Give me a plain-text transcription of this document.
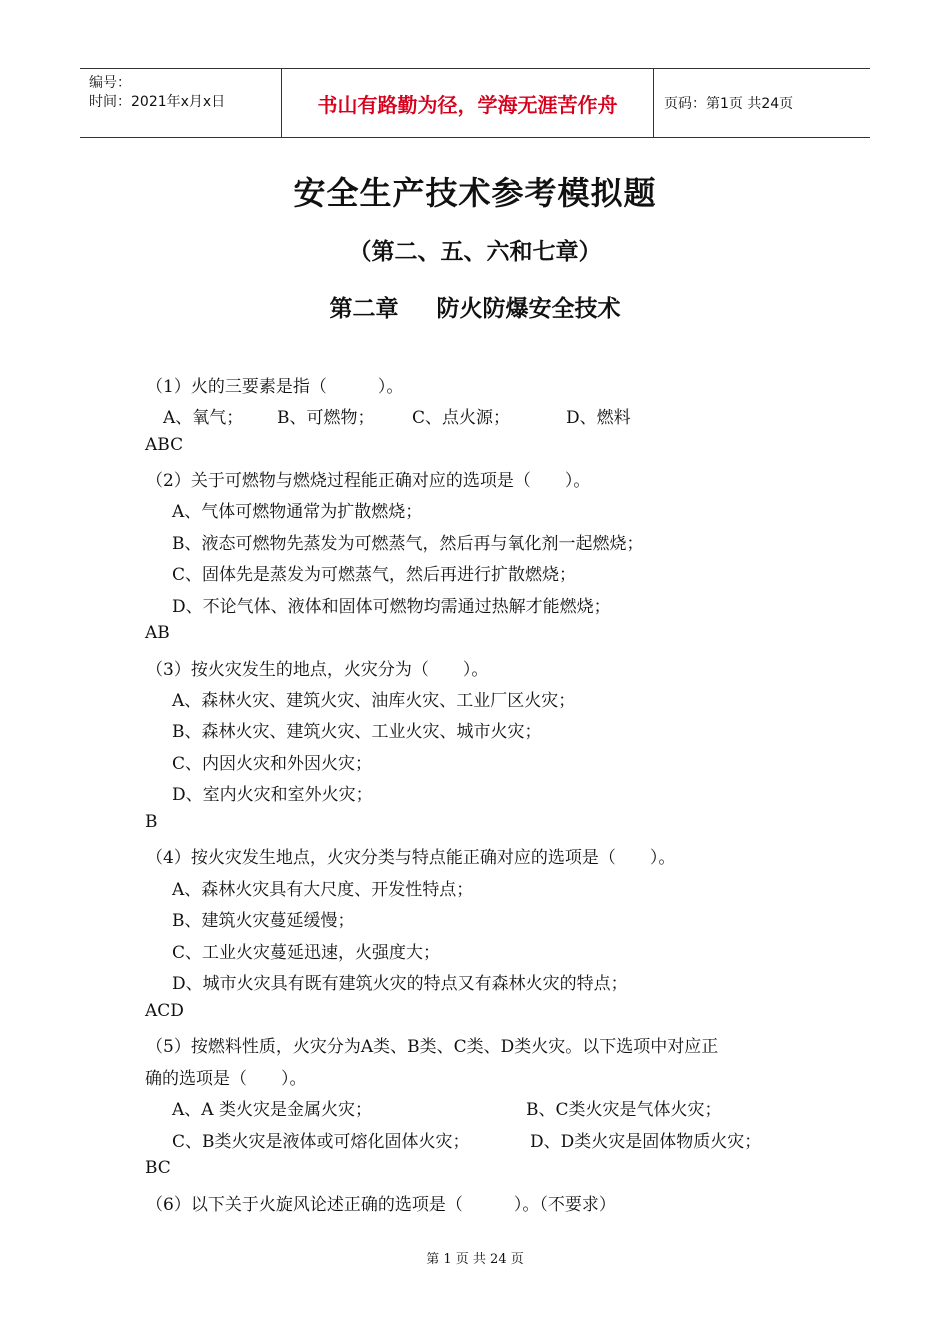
编号：
时间：2021年x月x日	书山有路勤为径，学海无涯苦作舟	页码：第1页 共24页
安全生产技术参考模拟题
（第二、五、六和七章）
第二章 防火防爆安全技术
（1）火的三要素是指（　　　）。
A、氧气； B、可燃物； C、点火源；	D、燃料
ABC
（2）关于可燃物与燃烧过程能正确对应的选项是（　　）。
A、气体可燃物通常为扩散燃烧；
B、液态可燃物先蒸发为可燃蒸气，然后再与氧化剂一起燃烧；
C、固体先是蒸发为可燃蒸气，然后再进行扩散燃烧；
D、不论气体、液体和固体可燃物均需通过热解才能燃烧；
AB
（3）按火灾发生的地点，火灾分为（　　）。
A、森林火灾、建筑火灾、油库火灾、工业厂区火灾；
B、森林火灾、建筑火灾、工业火灾、城市火灾；
C、内因火灾和外因火灾；
D、室内火灾和室外火灾；
B
（4）按火灾发生地点，火灾分类与特点能正确对应的选项是（　　）。
A、森林火灾具有大尺度、开发性特点；
B、建筑火灾蔓延缓慢；
C、工业火灾蔓延迅速，火强度大；
D、城市火灾具有既有建筑火灾的特点又有森林火灾的特点；
ACD
（5）按燃料性质，火灾分为A类、B类、C类、D类火灾。以下选项中对应正
确的选项是（　　）。
A、A 类火灾是金属火灾；	B、C类火灾是气体火灾；
C、B类火灾是液体或可熔化固体火灾；	D、D类火灾是固体物质火灾；
BC
（6）以下关于火旋风论述正确的选项是（　　　）。（不要求）
第 1 页 共 24 页
